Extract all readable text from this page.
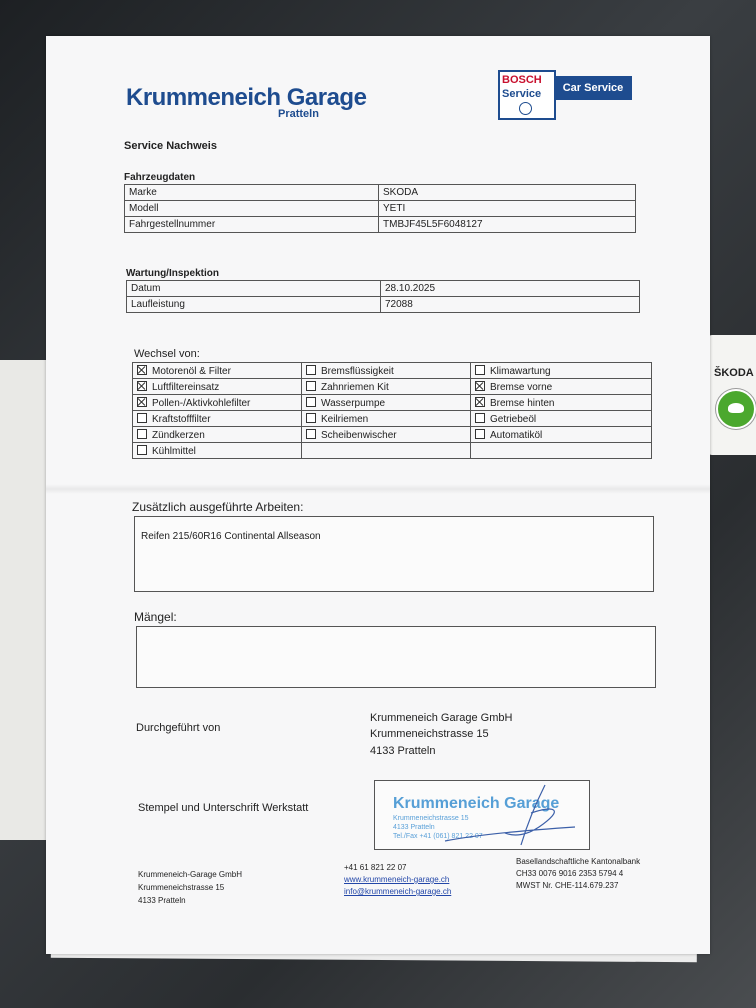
ŠKODA
Krummeneich Garage
Pratteln
BOSCH
Service	Car Service
Service Nachweis
Fahrzeugdaten
Marke	SKODA
Modell	YETI
Fahrgestellnummer	TMBJF45L5F6048127
Wartung/Inspektion
Datum	28.10.2025
Laufleistung	72088
Wechsel von:
Motorenöl & Filter	Bremsflüssigkeit	Klimawartung
Luftfiltereinsatz	Zahnriemen Kit	Bremse vorne
Pollen-/Aktivkohlefilter	Wasserpumpe	Bremse hinten
Kraftstofffilter	Keilriemen	Getriebeöl
Zündkerzen	Scheibenwischer	Automatiköl
Kühlmittel		
Zusätzlich ausgeführte Arbeiten:
Reifen 215/60R16 Continental Allseason
Mängel:
Durchgeführt von
Krummeneich Garage GmbH
Krummeneichstrasse 15
4133 Pratteln
Stempel und Unterschrift Werkstatt	Krummeneich Garage
Krummeneichstrasse 15
4133 Pratteln
Tel./Fax +41 (061) 821 22 07
Krummeneich-Garage GmbH
Krummeneichstrasse 15
4133 Pratteln
+41 61 821 22 07
www.krummeneich-garage.ch
info@krummeneich-garage.ch
Basellandschaftliche Kantonalbank
CH33 0076 9016 2353 5794 4
MWST Nr. CHE-114.679.237
